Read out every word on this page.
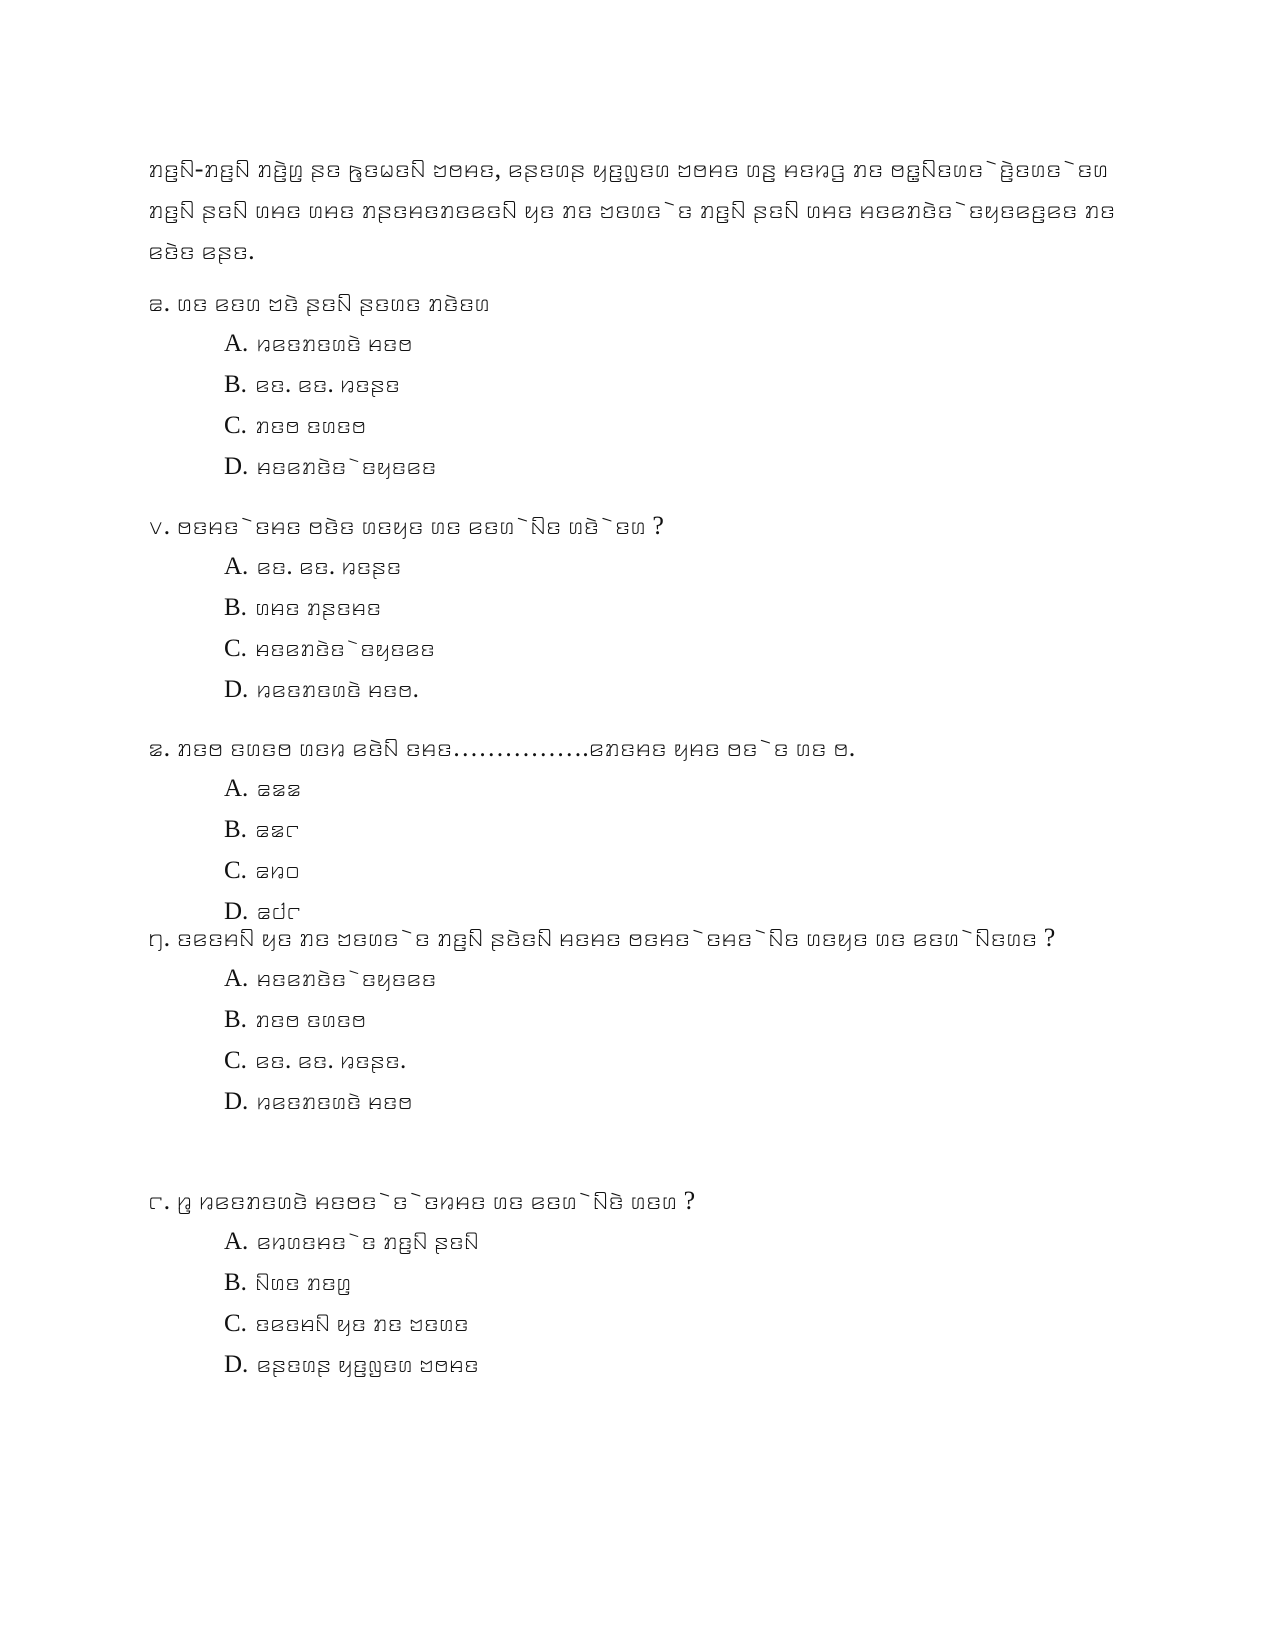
ꤊꤢ꤬ꤡ-ꤊꤢ꤬ꤡ ꤊꤢꤧ꤬ꤛ꤬ ꤔꤢ ꤒ꤬ꤢꤗꤢꤡ ꤠꤥꤌꤢ, ꤕꤔꤢꤛꤔ ꤟꤢ꤬ꤜꤢꤛ ꤠꤥꤌꤢ ꤛꤔ꤬ ꤌꤢꤙꤞ ꤊꤢ ꤥꤢ꤭ꤡꤢꤛꤢ ꤧꤢ꤬ꤧꤢꤛꤢ ꤧꤢꤛ ꤊꤢ꤬ꤡ ꤔꤢꤡ ꤛꤌꤢ ꤛꤌꤢ ꤊꤔꤢꤌꤢꤊꤢꤕꤢꤡ ꤟꤢ ꤊꤢ ꤠꤢꤛꤢ ꤧꤢ ꤊꤢ꤬ꤡ ꤔꤢꤡ ꤛꤌꤢ ꤌꤢꤕꤊꤢꤧꤢ ꤧꤢꤟꤢꤕꤢ꤬ꤕꤢ ꤊꤢ ꤕꤢꤧꤢ ꤕꤔꤢ.

꤁. ꤛꤢ ꤕꤢꤛ ꤠꤢꤧ ꤔꤢꤡ ꤔꤢꤛꤢ ꤊꤢꤧꤢꤛ
A. ꤙꤕꤢꤊꤢꤛꤢꤧ ꤌꤢꤥ
B. ꤕꤢ. ꤕꤢ. ꤙꤢꤔꤢ
C. ꤊꤢꤥ ꤢꤛꤢꤥ
D. ꤌꤢꤕꤊꤢꤧꤢ ꤧꤢꤟꤢꤕꤢ
꤂. ꤥꤢꤌꤢ ꤧꤢꤌꤢ ꤥꤢꤧꤢ ꤛꤢꤟꤢ ꤛꤢ ꤕꤢꤛ ꤧꤡꤢ ꤛꤢꤧ ꤧꤢꤛ ?
A. ꤕꤢ. ꤕꤢ. ꤙꤢꤔꤢ
B. ꤛꤌꤢ ꤊꤔꤢꤌꤢ
C. ꤌꤢꤕꤊꤢꤧꤢ ꤧꤢꤟꤢꤕꤢ
D. ꤙꤕꤢꤊꤢꤛꤢꤧ ꤌꤢꤥ.
꤃. ꤊꤢꤥ ꤢꤛꤢꤥ ꤛꤢꤙ ꤕꤢꤧꤡ ꤢꤌꤢ…………….ꤕꤊꤢꤌꤢ ꤟꤌꤢ ꤥꤢ ꤧꤢ ꤛꤢ ꤥ.
A. ꤁꤃꤃
B. ꤁꤃꤅
C. ꤁꤆꤀
D. ꤁꤇꤅
꤄. ꤢꤕꤢꤌꤡ ꤟꤢ ꤊꤢ ꤠꤢꤛꤢ ꤧꤢ ꤊꤢ꤬ꤡ ꤔꤢꤧꤢꤡ ꤌꤢꤌꤢ ꤥꤢꤌꤢ ꤧꤢꤌꤢ ꤧꤡꤢ ꤛꤢꤟꤢ ꤛꤢ ꤕꤢꤛ ꤧꤡꤢꤛꤢ ?
A. ꤌꤢꤕꤊꤢꤧꤢ ꤧꤢꤟꤢꤕꤢ
B. ꤊꤢꤥ ꤢꤛꤢꤥ
C. ꤕꤢ. ꤕꤢ. ꤙꤢꤔꤢ.
D. ꤙꤕꤢꤊꤢꤛꤢꤧ ꤌꤢꤥ
꤅. ꤙ꤬ ꤙꤕꤢꤊꤢꤛꤢꤧ ꤌꤢꤥꤢ ꤧꤢ ꤧꤢꤙꤌꤢ ꤛꤢ ꤕꤢꤛ ꤧꤡꤢꤧ ꤛꤢꤛ ?
A. ꤕꤙꤛꤢꤌꤢ ꤧꤢ ꤊꤢ꤬ꤡ ꤔꤢꤡ
B. ꤡꤛꤢ ꤊꤢꤛ꤬
C. ꤢꤕꤢꤌꤡ ꤟꤢ ꤊꤢ ꤠꤢꤛꤢ
D. ꤕꤔꤢꤛꤔ ꤟꤢ꤬ꤜꤢꤛ ꤠꤥꤌꤢ
